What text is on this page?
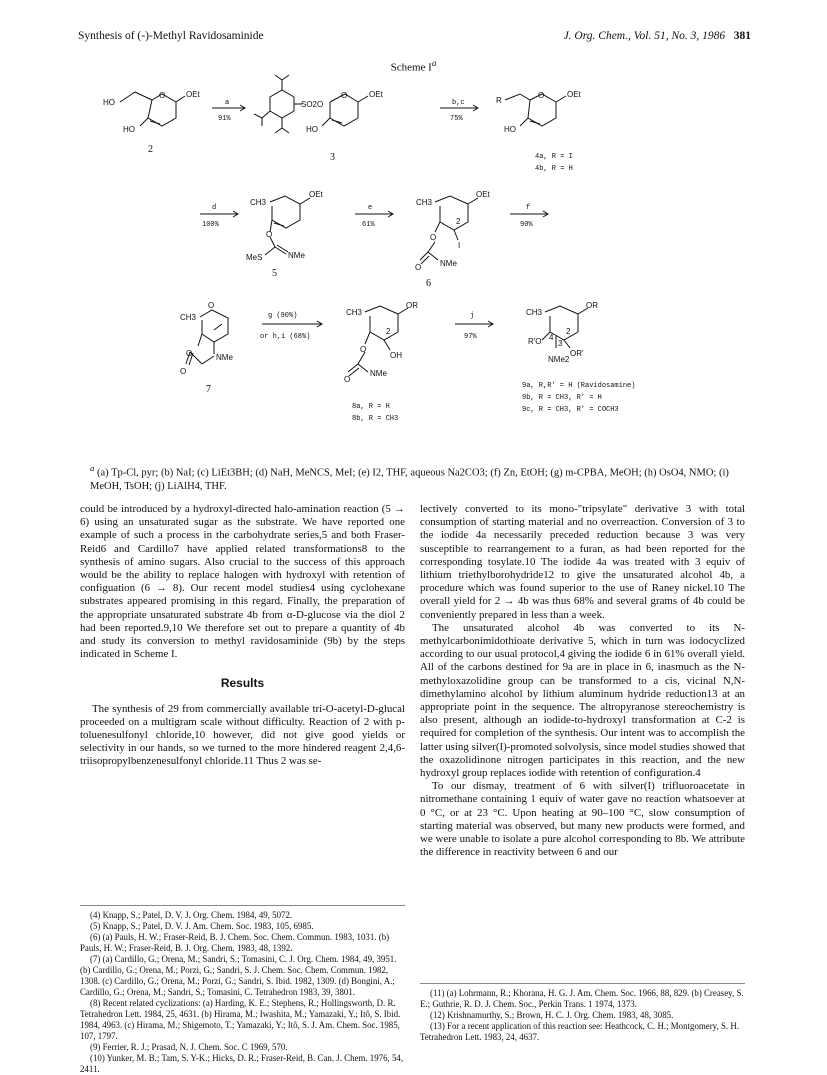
Synthesis of (-)-Methyl Ravidosaminide	J. Org. Chem., Vol. 51, No. 3, 1986 381
Scheme $I^a$
HO
O	OEt
HO
2
a
91%
SO2O
O	OEt
HO
3
b,c
75%
R
O	OEt
HO
4a, R = I
4b, R = H
d
100%
CH3
OEt
O
MeS	NMe
5
e
61%
CH3
OEt
2
I
O
NMe
O
6
f
90%
CH3
O
O	NMe
O
7
g (90%)
or h,i (68%)
CH3
OR
2
OH
O
NMe
O
8a, R = H
8b, R = CH3
j
97%
CH3
OR
2
OR'
R'O 4
3
NMe2
9a, R,R' = H (Ravidosamine)
9b, R = CH3, R' = H
9c, R = CH3, R' = COCH3
$^a$ (a) Tp-Cl, pyr; (b) NaI; (c) LiEt3BH; (d) NaH, MeNCS, MeI; (e) I2, THF, aqueous Na2CO3; (f) Zn, EtOH; (g) m-CPBA, MeOH; (h) OsO4, NMO; (i) MeOH, TsOH; (j) LiAlH4, THF.

could be introduced by a hydroxyl-directed halo-amination reaction (5 → 6) using an unsaturated sugar as the substrate. We have reported one example of such a process in the carbohydrate series,5 and both Fraser-Reid6 and Cardillo7 have applied related transformations8 to the synthesis of amino sugars. Also crucial to the success of this approach would be the ability to replace halogen with hydroxyl with retention of configuation (6 → 8). Our recent model studies4 using cyclohexane substrates appeared promising in this regard. Finally, the preparation of the appropriate unsaturated substrate 4b from α-D-glucose via the diol 2 had been reported.9,10 We therefore set out to prepare a quantity of 4b and study its conversion to methyl ravidosaminide (9b) by the steps indicated in Scheme I.

Results

The synthesis of 29 from commercially available tri-O-acetyl-D-glucal proceeded on a multigram scale without difficulty. Reaction of 2 with p-toluenesulfonyl chloride,10 however, did not give good yields or selectivity in our hands, so we turned to the more hindered reagent 2,4,6-triisopropylbenzenesulfonyl chloride.11 Thus 2 was se-

lectively converted to its mono-"tripsylate" derivative 3 with total consumption of starting material and no overreaction. Conversion of 3 to the iodide 4a necessarily preceded reduction because 3 was very susceptible to rearrangement to a furan, as had been reported for the corresponding tosylate.10 The iodide 4a was treated with 3 equiv of lithium triethylborohydride12 to give the unsaturated alcohol 4b, a procedure which was found superior to the use of Raney nickel.10 The overall yield for 2 → 4b was thus 68% and several grams of 4b could be conveniently prepared in less than a week.

The unsaturated alcohol 4b was converted to its N-methylcarbonimidothioate derivative 5, which in turn was iodocyclized according to our usual protocol,4 giving the iodide 6 in 61% overall yield. All of the carbons destined for 9a are in place in 6, inasmuch as the N-methyloxazolidine group can be transformed to a cis, vicinal N,N-dimethylamino alcohol by lithium aluminum hydride reduction13 at an appropriate point in the sequence. The altropyranose stereochemistry is also present, although an iodide-to-hydroxyl transformation at C-2 is required for completion of the synthesis. Our intent was to accomplish the latter using silver(I)-promoted solvolysis, since model studies showed that the oxazolidinone nitrogen participates in this reaction, and the new hydroxyl group replaces iodide with retention of configuration.4

To our dismay, treatment of 6 with silver(I) trifluoroacetate in nitromethane containing 1 equiv of water gave no reaction whatsoever at 0 °C, or at 23 °C. Upon heating at 90–100 °C, slow consumption of starting material was observed, but many new products were formed, and we were unable to isolate a pure alcohol corresponding to 8b. We attribute the difference in reactivity between 6 and our

(4) Knapp, S.; Patel, D. V. J. Org. Chem. 1984, 49, 5072.

(5) Knapp, S.; Patel, D. V. J. Am. Chem. Soc. 1983, 105, 6985.

(6) (a) Pauls, H. W.; Fraser-Reid, B. J. Chem. Soc. Chem. Commun. 1983, 1031. (b) Pauls, H. W.; Fraser-Reid, B. J. Org. Chem. 1983, 48, 1392.

(7) (a) Cardillo, G.; Orena, M.; Sandri, S.; Tomasini, C. J. Org. Chem. 1984, 49, 3951. (b) Cardillo, G.; Orena, M.; Porzi, G.; Sandri, S. J. Chem. Soc. Chem. Commun. 1982, 1308. (c) Cardillo, G.; Orena, M.; Porzi, G.; Sandri, S. Ibid. 1982, 1309. (d) Bongini, A.; Cardillo, G.; Orena, M.; Sandri, S.; Tomasini, C. Tetrahedron 1983, 39, 3801.

(8) Recent related cyclizations: (a) Harding, K. E.; Stephens, R.; Hollingsworth, D. R. Tetrahedron Lett. 1984, 25, 4631. (b) Hirama, M.; Iwashita, M.; Yamazaki, Y.; Itô, S. Ibid. 1984, 4963. (c) Hirama, M.; Shigemoto, T.; Yamazaki, Y.; Itô, S. J. Am. Chem. Soc. 1985, 107, 1797.

(9) Ferrier, R. J.; Prasad, N. J. Chem. Soc. C 1969, 570.

(10) Yunker, M. B.; Tam, S. Y-K.; Hicks, D. R.; Fraser-Reid, B. Can. J. Chem. 1976, 54, 2411.

(11) (a) Lohrmann, R.; Khorana, H. G. J. Am. Chem. Soc. 1966, 88, 829. (b) Creasey, S. E.; Guthrie, R. D. J. Chem. Soc., Perkin Trans. 1 1974, 1373.

(12) Krishnamurthy, S.; Brown, H. C. J. Org. Chem. 1983, 48, 3085.

(13) For a recent application of this reaction see: Heathcock, C. H.; Montgomery, S. H. Tetrahedron Lett. 1983, 24, 4637.
